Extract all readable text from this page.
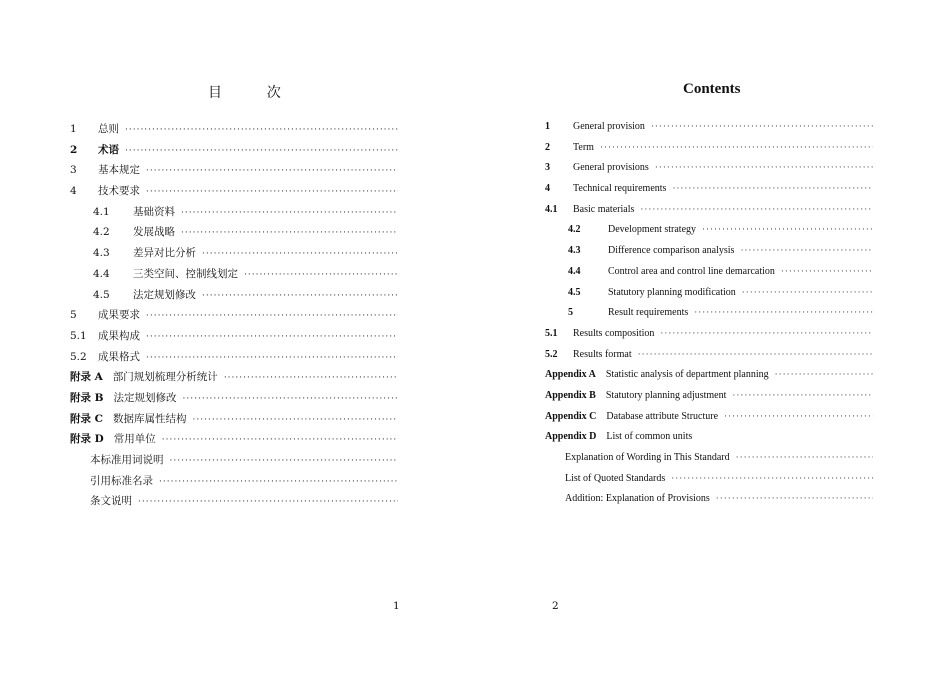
目	次
1	总则
·····
2	术语
·····
3	基本规定
·····
4	技术要求
·····
4.1	基础资料
·····
4.2	发展战略
·····
4.3	差异对比分析
·····
4.4	三类空间、控制线划定
·····
4.5	法定规划修改
·····
5	成果要求
·····
5.1 成果构成
·····
5.2 成果格式
·····
附录 A 部门规划梳理分析统计
·····
附录 B 法定规划修改
·····
附录 C 数据库属性结构
·····
附录 D 常用单位
·····
本标准用词说明
·····
引用标准名录
·····
条文说明
·····
1
Contents
1	General provision
·····
2	Term
·····
3	General provisions
·····
4	Technical requirements
·····
4.1	Basic materials
·····
4.2	Development strategy
·····
4.3	Difference comparison analysis
·····
4.4	Control area and control line demarcation
·····
4.5	Statutory planning modification
·····
5	Result requirements
·····
5.1	Results composition
·····
5.2	Results format
·····
Appendix A Statistic analysis of department planning
·····
Appendix B Statutory planning adjustment
·····
Appendix C Database attribute Structure
·····
Appendix D List of common units
Explanation of Wording in This Standard
·····
List of Quoted Standards
·····
Addition: Explanation of Provisions
·····
2
